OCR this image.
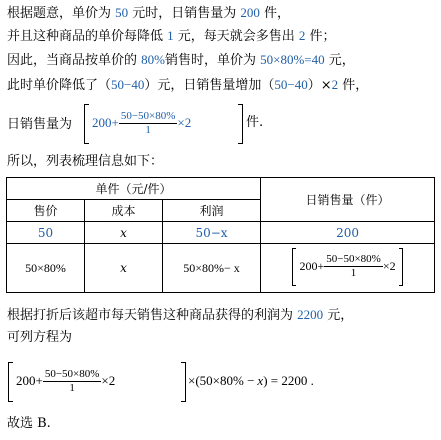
根据题意，单价为 50 元时，日销售量为 200 件，
并且这种商品的单价每降低 1 元，每天就会多售出 2 件；
因此，当商品按单价的 80%销售时，单价为 50×80%=40 元，
此时单价降低了（50−40）元，日销售量增加（50−40）×2 件，
日销售量为 $200+ \frac{50-50\times 80\%}{1} \times 2$	件.
所以，列表梳理信息如下：
单件（元/件）			日销售量（件）
售价	成本	利润	
50	x	50−x	200
50×80%	x	50×80%− x	$200+ \frac{50-50\times 80\%}{1} \times 2$
根据打折后该超市每天销售这种商品获得的利润为 2200 元，
可列方程为
$200+ \frac{50-50\times 80\%}{1} \times 2$	×(50×80% − x) = 2200 .
故选 B.
